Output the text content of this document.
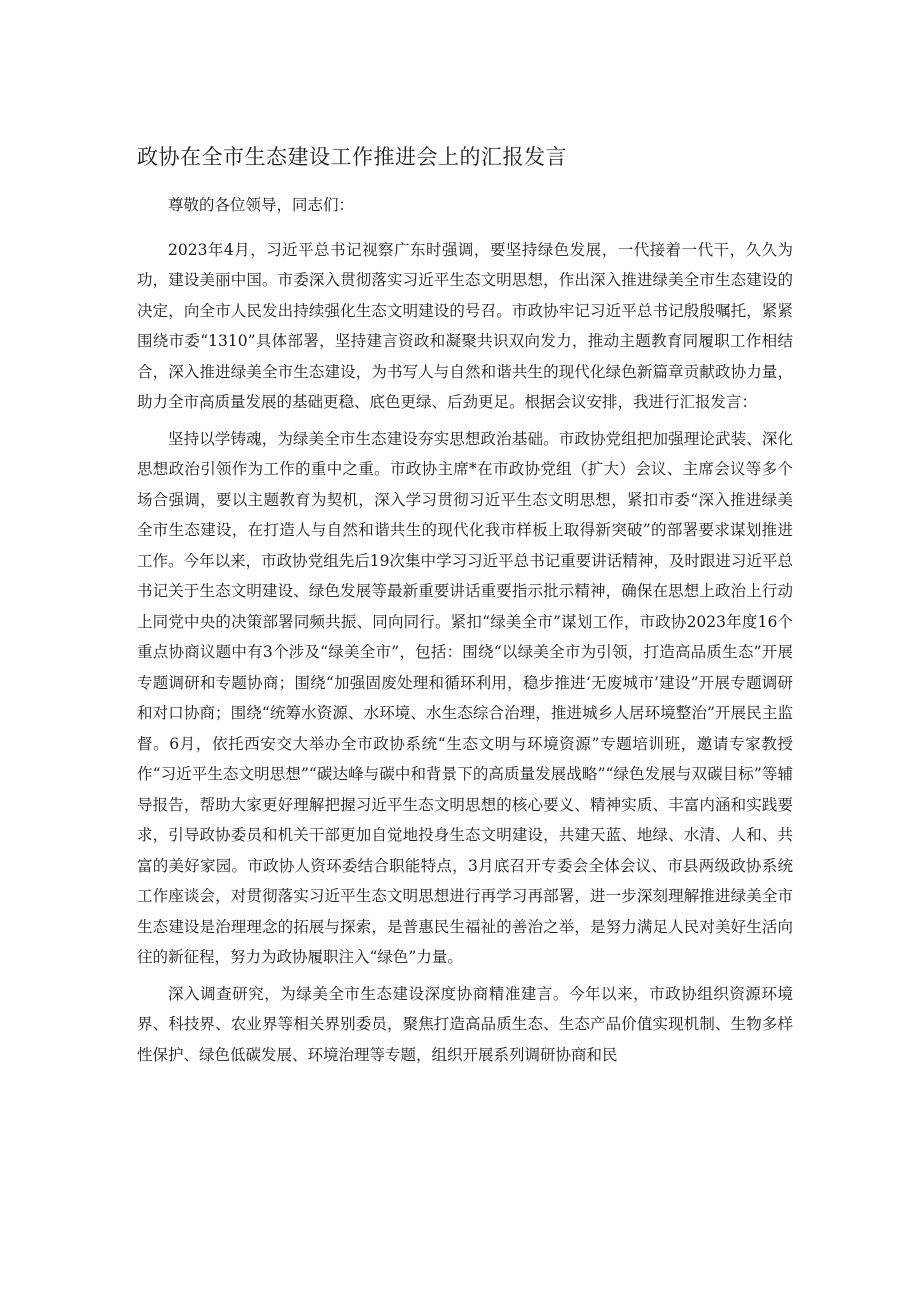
政协在全市生态建设工作推进会上的汇报发言

尊敬的各位领导，同志们：

2023年4月，习近平总书记视察广东时强调，要坚持绿色发展，一代接着一代干，久久为功，建设美丽中国。市委深入贯彻落实习近平生态文明思想，作出深入推进绿美全市生态建设的决定，向全市人民发出持续强化生态文明建设的号召。市政协牢记习近平总书记殷殷嘱托，紧紧围绕市委“1310”具体部署，坚持建言资政和凝聚共识双向发力，推动主题教育同履职工作相结合，深入推进绿美全市生态建设，为书写人与自然和谐共生的现代化绿色新篇章贡献政协力量，助力全市高质量发展的基础更稳、底色更绿、后劲更足。根据会议安排，我进行汇报发言：

坚持以学铸魂，为绿美全市生态建设夯实思想政治基础。市政协党组把加强理论武装、深化思想政治引领作为工作的重中之重。市政协主席*在市政协党组（扩大）会议、主席会议等多个场合强调，要以主题教育为契机，深入学习贯彻习近平生态文明思想，紧扣市委“深入推进绿美全市生态建设，在打造人与自然和谐共生的现代化我市样板上取得新突破”的部署要求谋划推进工作。今年以来，市政协党组先后19次集中学习习近平总书记重要讲话精神，及时跟进习近平总书记关于生态文明建设、绿色发展等最新重要讲话重要指示批示精神，确保在思想上政治上行动上同党中央的决策部署同频共振、同向同行。紧扣“绿美全市”谋划工作，市政协2023年度16个重点协商议题中有3个涉及“绿美全市”，包括：围绕“以绿美全市为引领，打造高品质生态”开展专题调研和专题协商；围绕“加强固废处理和循环利用，稳步推进‘无废城市’建设”开展专题调研和对口协商；围绕“统筹水资源、水环境、水生态综合治理，推进城乡人居环境整治”开展民主监督。6月，依托西安交大举办全市政协系统“生态文明与环境资源”专题培训班，邀请专家教授作“习近平生态文明思想”“碳达峰与碳中和背景下的高质量发展战略”“绿色发展与双碳目标”等辅导报告，帮助大家更好理解把握习近平生态文明思想的核心要义、精神实质、丰富内涵和实践要求，引导政协委员和机关干部更加自觉地投身生态文明建设，共建天蓝、地绿、水清、人和、共富的美好家园。市政协人资环委结合职能特点，3月底召开专委会全体会议、市县两级政协系统工作座谈会，对贯彻落实习近平生态文明思想进行再学习再部署，进一步深刻理解推进绿美全市生态建设是治理理念的拓展与探索，是普惠民生福祉的善治之举，是努力满足人民对美好生活向往的新征程，努力为政协履职注入“绿色”力量。

深入调查研究，为绿美全市生态建设深度协商精准建言。今年以来，市政协组织资源环境界、科技界、农业界等相关界别委员，聚焦打造高品质生态、生态产品价值实现机制、生物多样性保护、绿色低碳发展、环境治理等专题，组织开展系列调研协商和民
